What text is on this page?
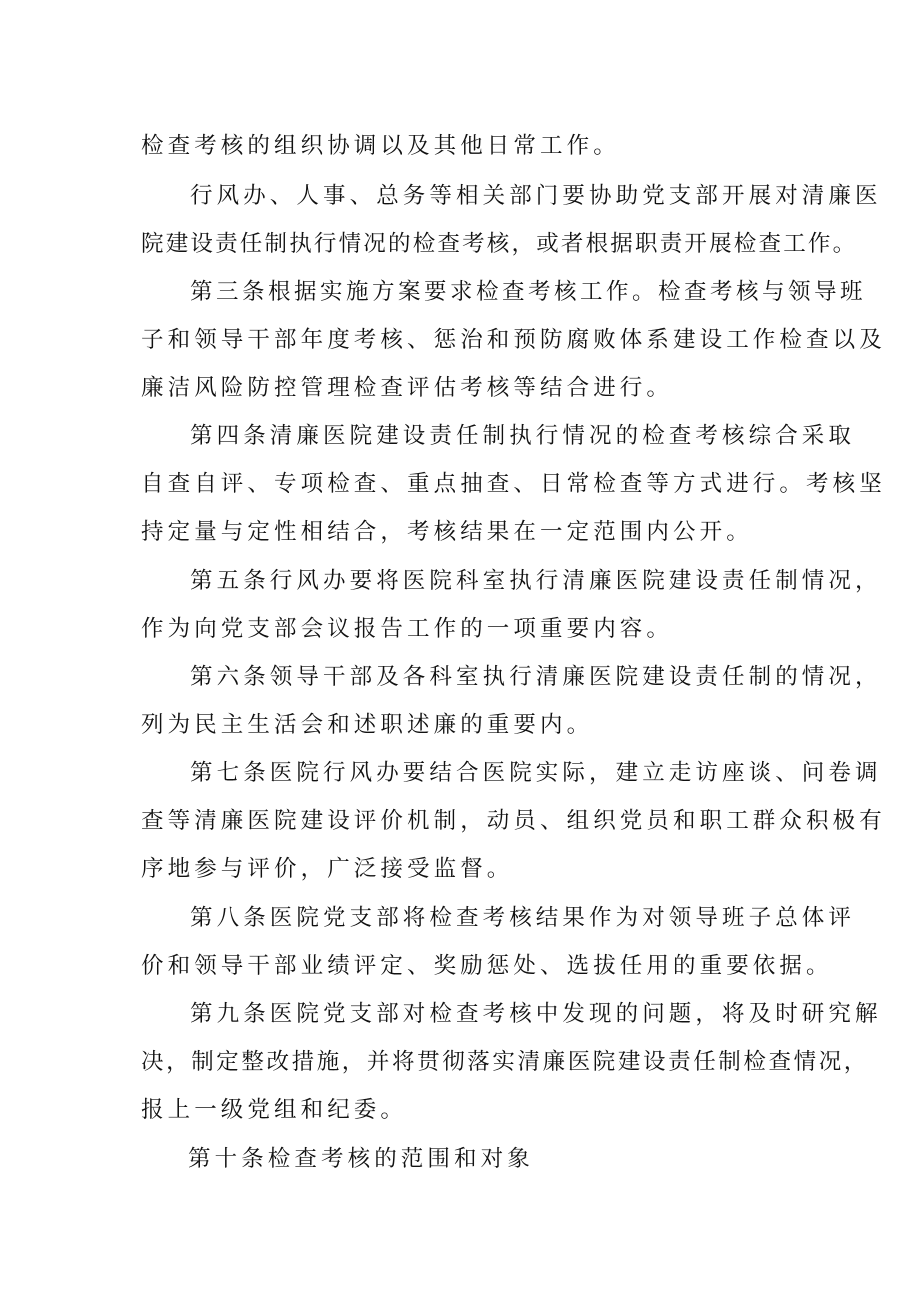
检查考核的组织协调以及其他日常工作。
行风办、人事、总务等相关部门要协助党支部开展对清廉医
院建设责任制执行情况的检查考核，或者根据职责开展检查工作。
第三条根据实施方案要求检查考核工作。检查考核与领导班
子和领导干部年度考核、惩治和预防腐败体系建设工作检查以及
廉洁风险防控管理检查评估考核等结合进行。
第四条清廉医院建设责任制执行情况的检查考核综合采取
自查自评、专项检查、重点抽查、日常检查等方式进行。考核坚
持定量与定性相结合，考核结果在一定范围内公开。
第五条行风办要将医院科室执行清廉医院建设责任制情况，
作为向党支部会议报告工作的一项重要内容。
第六条领导干部及各科室执行清廉医院建设责任制的情况，
列为民主生活会和述职述廉的重要内。
第七条医院行风办要结合医院实际，建立走访座谈、问卷调
查等清廉医院建设评价机制，动员、组织党员和职工群众积极有
序地参与评价，广泛接受监督。
第八条医院党支部将检查考核结果作为对领导班子总体评
价和领导干部业绩评定、奖励惩处、选拔任用的重要依据。
第九条医院党支部对检查考核中发现的问题，将及时研究解
决，制定整改措施，并将贯彻落实清廉医院建设责任制检查情况，
报上一级党组和纪委。
第十条检查考核的范围和对象
